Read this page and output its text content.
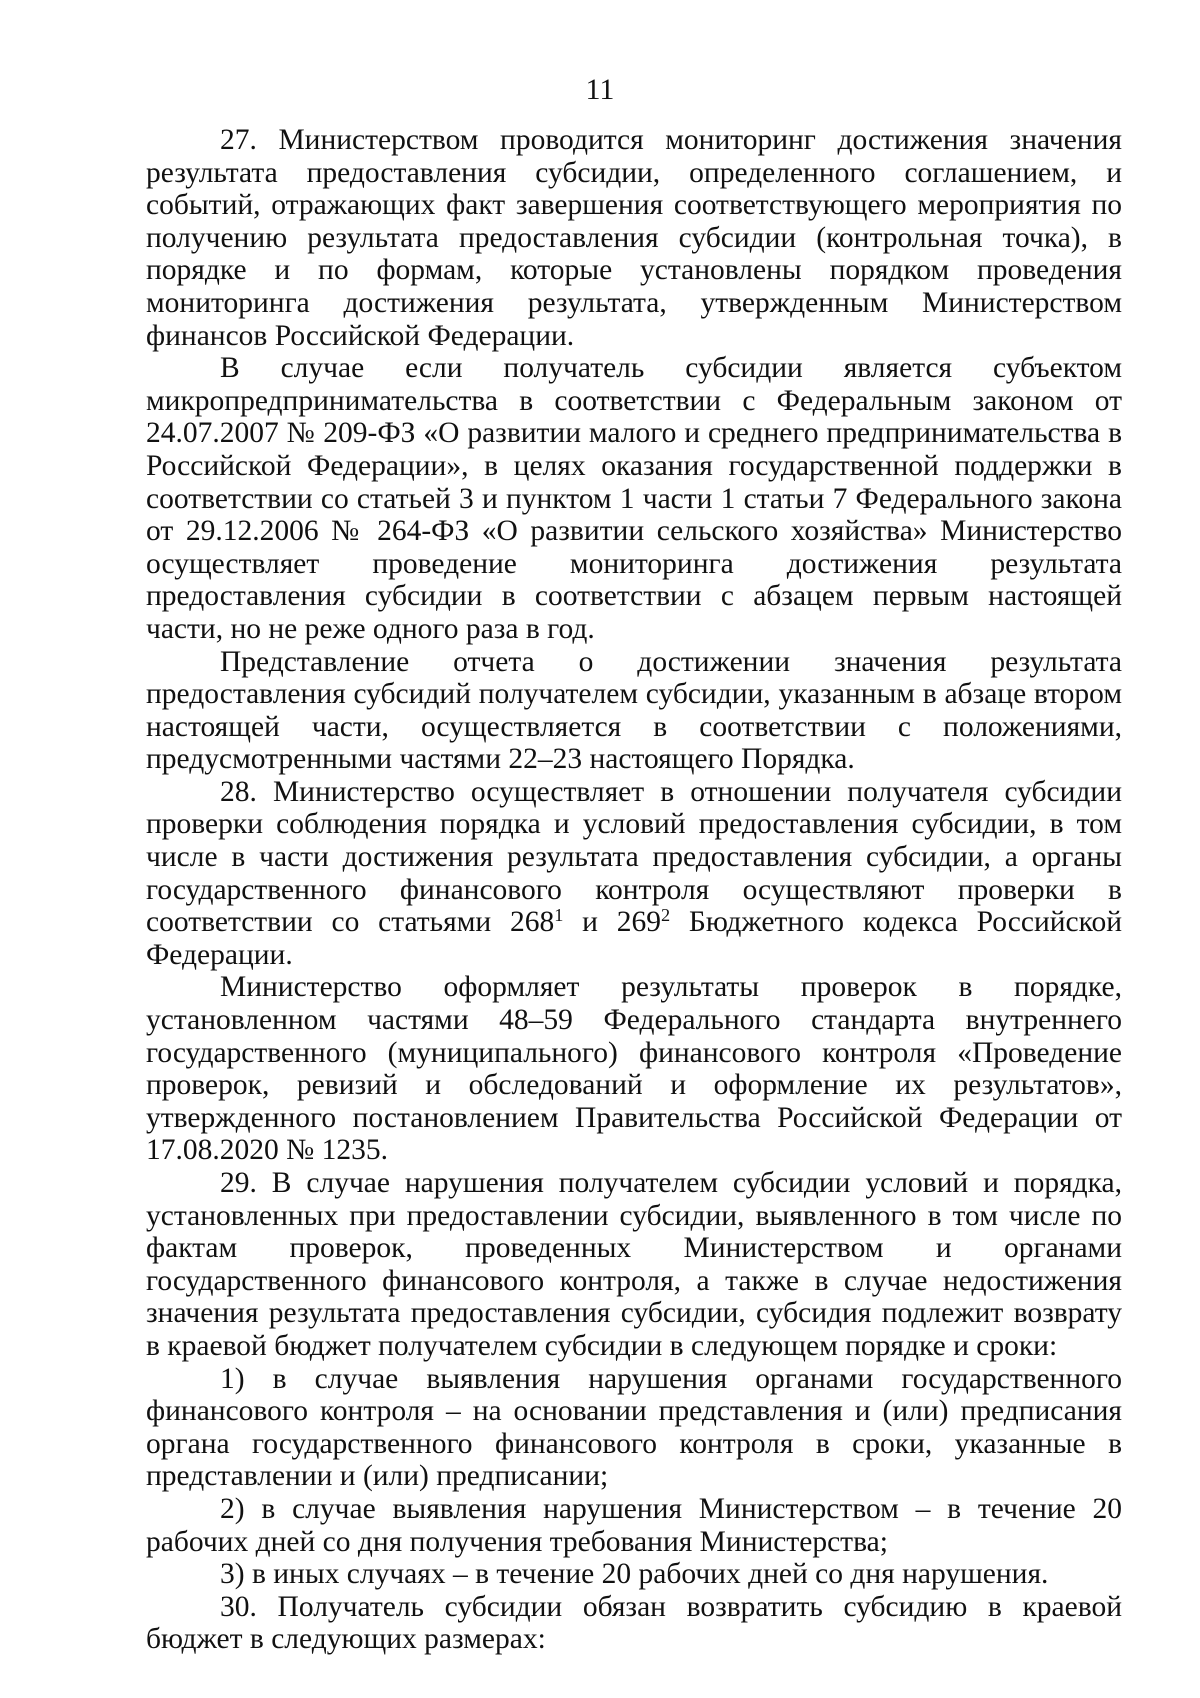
11

27. Министерством проводится мониторинг достижения значения результата предоставления субсидии, определенного соглашением, и событий, отражающих факт завершения соответствующего мероприятия по получению результата предоставления субсидии (контрольная точка), в порядке и по формам, которые установлены порядком проведения мониторинга достижения результата, утвержденным Министерством финансов Российской Федерации.

В случае если получатель субсидии является субъектом микропредпринимательства в соответствии с Федеральным законом от 24.07.2007 № 209-ФЗ «О развитии малого и среднего предпринимательства в Российской Федерации», в целях оказания государственной поддержки в соответствии со статьей 3 и пунктом 1 части 1 статьи 7 Федерального закона от 29.12.2006 № 264-ФЗ «О развитии сельского хозяйства» Министерство осуществляет проведение мониторинга достижения результата предоставления субсидии в соответствии с абзацем первым настоящей части, но не реже одного раза в год.

Представление отчета о достижении значения результата предоставления субсидий получателем субсидии, указанным в абзаце втором настоящей части, осуществляется в соответствии с положениями, предусмотренными частями 22–23 настоящего Порядка.

28. Министерство осуществляет в отношении получателя субсидии проверки соблюдения порядка и условий предоставления субсидии, в том числе в части достижения результата предоставления субсидии, а органы государственного финансового контроля осуществляют проверки в соответствии со статьями $268^1$ и $269^2$ Бюджетного кодекса Российской Федерации.

Министерство оформляет результаты проверок в порядке, установленном частями 48–59 Федерального стандарта внутреннего государственного (муниципального) финансового контроля «Проведение проверок, ревизий и обследований и оформление их результатов», утвержденного постановлением Правительства Российской Федерации от 17.08.2020 № 1235.

29. В случае нарушения получателем субсидии условий и порядка, установленных при предоставлении субсидии, выявленного в том числе по фактам проверок, проведенных Министерством и органами государственного финансового контроля, а также в случае недостижения значения результата предоставления субсидии, субсидия подлежит возврату в краевой бюджет получателем субсидии в следующем порядке и сроки:

1) в случае выявления нарушения органами государственного финансового контроля – на основании представления и (или) предписания органа государственного финансового контроля в сроки, указанные в представлении и (или) предписании;

2) в случае выявления нарушения Министерством – в течение 20 рабочих дней со дня получения требования Министерства;

3) в иных случаях – в течение 20 рабочих дней со дня нарушения.

30. Получатель субсидии обязан возвратить субсидию в краевой бюджет в следующих размерах:
